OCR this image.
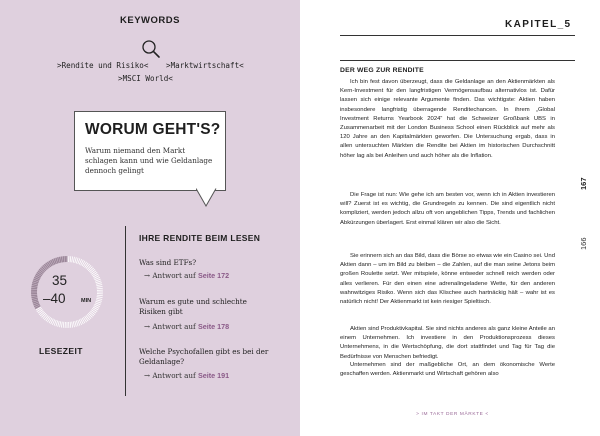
KEYWORDS
>Rendite und Risiko< >Marktwirtschaft<
>MSCI World<
WORUM GEHT'S?
Warum niemand den Markt schlagen kann und wie Geldanlage dennoch gelingt
35
–40	MIN
LESEZEIT
IHRE RENDITE BEIM LESEN
Was sind ETFs?
→ Antwort auf Seite 172
Warum es gute und schlechte Risiken gibt
→ Antwort auf Seite 178
Welche Psychofallen gibt es bei der Geldanlage?
→ Antwort auf Seite 191
KAPITEL_5
DER WEG ZUR RENDITE
Ich bin fest davon überzeugt, dass die Geldanlage an den Aktienmärkten als Kern-Investment für den langfristigen Vermögensaufbau alternativlos ist. Dafür lassen sich einige relevante Argumente finden. Das wichtigste: Aktien haben insbesondere langfristig überragende Renditechancen. In ihrem „Global Investment Returns Yearbook 2024“ hat die Schweizer Großbank UBS in Zusammenarbeit mit der London Business School einen Rückblick auf mehr als 120 Jahre an den Kapitalmärkten geworfen. Die Untersuchung ergab, dass in allen untersuchten Märkten die Rendite bei Aktien im historischen Durchschnitt höher lag als bei Anleihen und auch höher als die Inflation.
Die Frage ist nun: Wie gehe ich am besten vor, wenn ich in Aktien investieren will? Zuerst ist es wichtig, die Grundregeln zu kennen. Die sind eigentlich nicht kompliziert, werden jedoch allzu oft von angeblichen Tipps, Trends und fachlichen Abkürzungen überlagert. Erst einmal klären wir also die Sicht.
Sie erinnern sich an das Bild, dass die Börse so etwas wie ein Casino sei. Und Aktien dann – um im Bild zu bleiben – die Zahlen, auf die man seine Jetons beim großen Roulette setzt. Wer mitspiele, könne entweder schnell reich werden oder alles verlieren. Für den einen eine adrenalingeladene Wette, für den anderen wahnwitziges Risiko. Wenn sich das Klischee auch hartnäckig hält – wahr ist es natürlich nicht! Der Aktienmarkt ist kein riesiger Spieltisch.
Aktien sind Produktivkapital. Sie sind nichts anderes als ganz kleine Anteile an einem Unternehmen. Ich investiere in den Produktionsprozess dieses Unternehmens, in die Wertschöpfung, die dort stattfindet und Tag für Tag die Bedürfnisse von Menschen befriedigt.
Unternehmen sind der maßgebliche Ort, an dem ökonomische Werte geschaffen werden. Aktienmarkt und Wirtschaft gehören also
167
166
> IM TAKT DER MÄRKTE <
